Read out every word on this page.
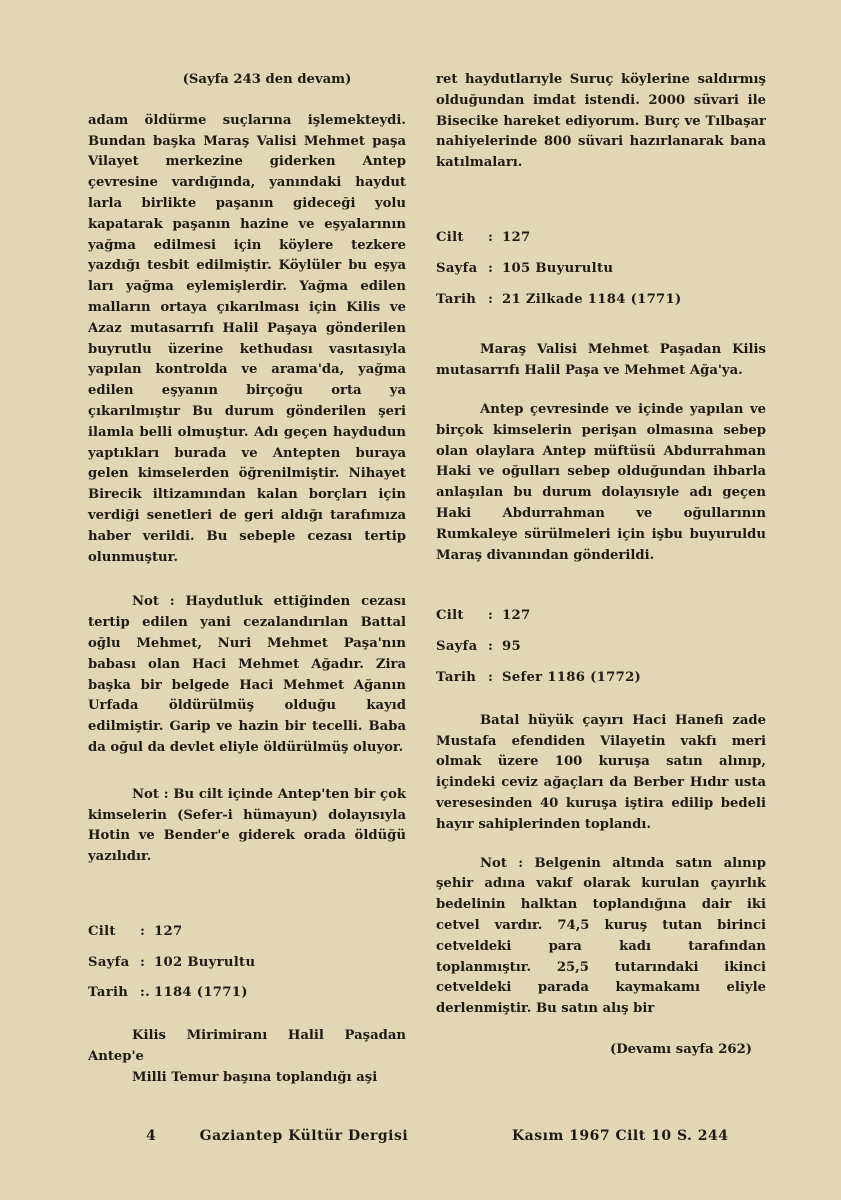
(Sayfa 243 den devam)

adam öldürme suçlarına işlemekteydi. Bundan başka Maraş Valisi Mehmet paşa Vilayet merkezine giderken Antep çevresine vardığında, yanındaki haydut larla birlikte paşanın gideceği yolu kapatarak paşanın hazine ve eşyalarının yağma edilmesi için köylere tezkere yazdığı tesbit edilmiştir. Köylüler bu eşya ları yağma eylemişlerdir. Yağma edilen malların ortaya çıkarılması için Kilis ve Azaz mutasarrıfı Halil Paşaya gönderilen buyrutlu üzerine kethudası vasıtasıyla yapılan kontrolda ve arama'da, yağma edilen eşyanın birçoğu orta ya çıkarılmıştır Bu durum gönderilen şeri ilamla belli olmuştur. Adı geçen haydudun yaptıkları burada ve Antepten buraya gelen kimselerden öğrenilmiştir. Nihayet Birecik iltizamından kalan borçları için verdiği senetleri de geri aldığı tarafımıza haber verildi. Bu sebeple cezası tertip olunmuştur.

Not : Haydutluk ettiğinden cezası tertip edilen yani cezalandırılan Battal oğlu Mehmet, Nuri Mehmet Paşa'nın babası olan Haci Mehmet Ağadır. Zira başka bir belgede Haci Mehmet Ağanın Urfada öldürülmüş olduğu kayıd edilmiştir. Garip ve hazin bir tecelli. Baba da oğul da devlet eliyle öldürülmüş oluyor.

Not : Bu cilt içinde Antep'ten bir çok kimselerin (Sefer-i hümayun) dolayısıyla Hotin ve Bender'e giderek orada öldüğü yazılıdır.

Cilt	: 127
Sayfa : 102 Buyrultu
Tarih :. 1184 (1771)

Kilis Mirimiranı Halil Paşadan Antep'e

Milli Temur başına toplandığı aşi

ret haydutlarıyle Suruç köylerine saldırmış olduğundan imdat istendi. 2000 süvari ile Bisecike hareket ediyorum. Burç ve Tılbaşar nahiyelerinde 800 süvari hazırlanarak bana katılmaları.

Cilt	: 127
Sayfa : 105 Buyurultu
Tarih : 21 Zilkade 1184 (1771)

Maraş Valisi Mehmet Paşadan Kilis mutasarrıfı Halil Paşa ve Mehmet Ağa'ya.

Antep çevresinde ve içinde yapılan ve birçok kimselerin perişan olmasına sebep olan olaylara Antep müftüsü Abdurrahman Haki ve oğulları sebep olduğundan ihbarla anlaşılan bu durum dolayısıyle adı geçen Haki Abdurrahman ve oğullarının Rumkaleye sürülmeleri için işbu buyuruldu Maraş divanından gönderildi.

Cilt	: 127
Sayfa : 95
Tarih : Sefer 1186 (1772)

Batal hüyük çayırı Haci Hanefi zade Mustafa efendiden Vilayetin vakfı meri olmak üzere 100 kuruşa satın alınıp, içindeki ceviz ağaçları da Berber Hıdır usta veresesinden 40 kuruşa iştira edilip bedeli hayır sahiplerinden toplandı.

Not : Belgenin altında satın alınıp şehir adına vakıf olarak kurulan çayırlık bedelinin halktan toplandığına dair iki cetvel vardır. 74,5 kuruş tutan birinci cetveldeki para kadı tarafından toplanmıştır. 25,5 tutarındaki ikinci cetveldeki parada kaymakamı eliyle derlenmiştir. Bu satın alış bir

(Devamı sayfa 262)

4	Gaziantep Kültür Dergisi	Kasım 1967 Cilt 10 S. 244
